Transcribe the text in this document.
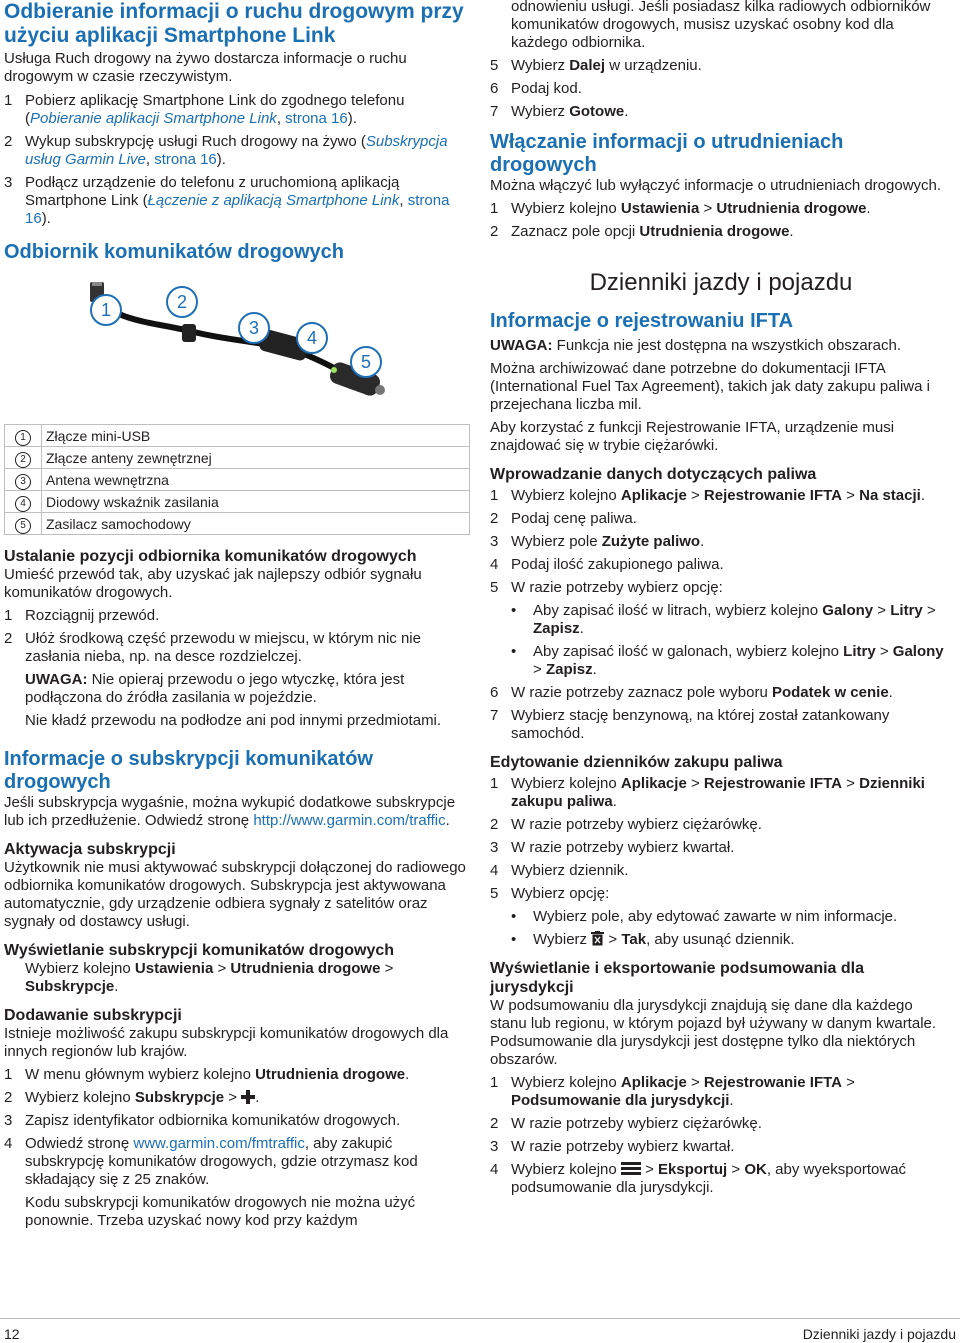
Odbieranie informacji o ruchu drogowym przy użyciu aplikacji Smartphone Link

Usługa Ruch drogowy na żywo dostarcza informacje o ruchu drogowym w czasie rzeczywistym.

1 Pobierz aplikację Smartphone Link do zgodnego telefonu (Pobieranie aplikacji Smartphone Link, strona 16).
2 Wykup subskrypcję usługi Ruch drogowy na żywo (Subskrypcja usług Garmin Live, strona 16).
3 Podłącz urządzenie do telefonu z uruchomioną aplikacją Smartphone Link (Łączenie z aplikacją Smartphone Link, strona 16).
Odbiornik komunikatów drogowych
1	2
3	4
5
1	Złącze mini-USB
2	Złącze anteny zewnętrznej
3	Antena wewnętrzna
4	Diodowy wskaźnik zasilania
5	Zasilacz samochodowy
Ustalanie pozycji odbiornika komunikatów drogowych

Umieść przewód tak, aby uzyskać jak najlepszy odbiór sygnału komunikatów drogowych.

1 Rozciągnij przewód.
2 Ułóż środkową część przewodu w miejscu, w którym nic nie zasłania nieba, np. na desce rozdzielczej.

UWAGA: Nie opieraj przewodu o jego wtyczkę, która jest podłączona do źródła zasilania w pojeździe.

Nie kładź przewodu na podłodze ani pod innymi przedmiotami.

Informacje o subskrypcji komunikatów drogowych

Jeśli subskrypcja wygaśnie, można wykupić dodatkowe subskrypcje lub ich przedłużenie. Odwiedź stronę http://www.garmin.com/traffic.

Aktywacja subskrypcji

Użytkownik nie musi aktywować subskrypcji dołączonej do radiowego odbiornika komunikatów drogowych. Subskrypcja jest aktywowana automatycznie, gdy urządzenie odbiera sygnały z satelitów oraz sygnały od dostawcy usługi.

Wyświetlanie subskrypcji komunikatów drogowych

Wybierz kolejno Ustawienia > Utrudnienia drogowe > Subskrypcje.

Dodawanie subskrypcji

Istnieje możliwość zakupu subskrypcji komunikatów drogowych dla innych regionów lub krajów.

1 W menu głównym wybierz kolejno Utrudnienia drogowe.
2 Wybierz kolejno Subskrypcje > .
3 Zapisz identyfikator odbiornika komunikatów drogowych.
4 Odwiedź stronę www.garmin.com/fmtraffic, aby zakupić subskrypcję komunikatów drogowych, gdzie otrzymasz kod składający się z 25 znaków.

Kodu subskrypcji komunikatów drogowych nie można użyć ponownie. Trzeba uzyskać nowy kod przy każdym

odnowieniu usługi. Jeśli posiadasz kilka radiowych odbiorników komunikatów drogowych, musisz uzyskać osobny kod dla każdego odbiornika.

5 Wybierz Dalej w urządzeniu.
6 Podaj kod.
7 Wybierz Gotowe.
Włączanie informacji o utrudnieniach drogowych

Można włączyć lub wyłączyć informacje o utrudnieniach drogowych.

1 Wybierz kolejno Ustawienia > Utrudnienia drogowe.
2 Zaznacz pole opcji Utrudnienia drogowe.
Dzienniki jazdy i pojazdu
Informacje o rejestrowaniu IFTA

UWAGA: Funkcja nie jest dostępna na wszystkich obszarach.

Można archiwizować dane potrzebne do dokumentacji IFTA (International Fuel Tax Agreement), takich jak daty zakupu paliwa i przejechana liczba mil.

Aby korzystać z funkcji Rejestrowanie IFTA, urządzenie musi znajdować się w trybie ciężarówki.

Wprowadzanie danych dotyczących paliwa
1 Wybierz kolejno Aplikacje > Rejestrowanie IFTA > Na stacji.
2 Podaj cenę paliwa.
3 Wybierz pole Zużyte paliwo.
4 Podaj ilość zakupionego paliwa.
5 W razie potrzeby wybierz opcję:
• Aby zapisać ilość w litrach, wybierz kolejno Galony > Litry > Zapisz.
• Aby zapisać ilość w galonach, wybierz kolejno Litry > Galony > Zapisz.
6 W razie potrzeby zaznacz pole wyboru Podatek w cenie.
7 Wybierz stację benzynową, na której został zatankowany samochód.
Edytowanie dzienników zakupu paliwa
1 Wybierz kolejno Aplikacje > Rejestrowanie IFTA > Dzienniki zakupu paliwa.
2 W razie potrzeby wybierz ciężarówkę.
3 W razie potrzeby wybierz kwartał.
4 Wybierz dziennik.
5 Wybierz opcję:
• Wybierz pole, aby edytować zawarte w nim informacje.
• Wybierz  > Tak, aby usunąć dziennik.
Wyświetlanie i eksportowanie podsumowania dla jurysdykcji

W podsumowaniu dla jurysdykcji znajdują się dane dla każdego stanu lub regionu, w którym pojazd był używany w danym kwartale. Podsumowanie dla jurysdykcji jest dostępne tylko dla niektórych obszarów.

1 Wybierz kolejno Aplikacje > Rejestrowanie IFTA > Podsumowanie dla jurysdykcji.
2 W razie potrzeby wybierz ciężarówkę.
3 W razie potrzeby wybierz kwartał.
4 Wybierz kolejno  > Eksportuj > OK, aby wyeksportować podsumowanie dla jurysdykcji.
12	Dzienniki jazdy i pojazdu
